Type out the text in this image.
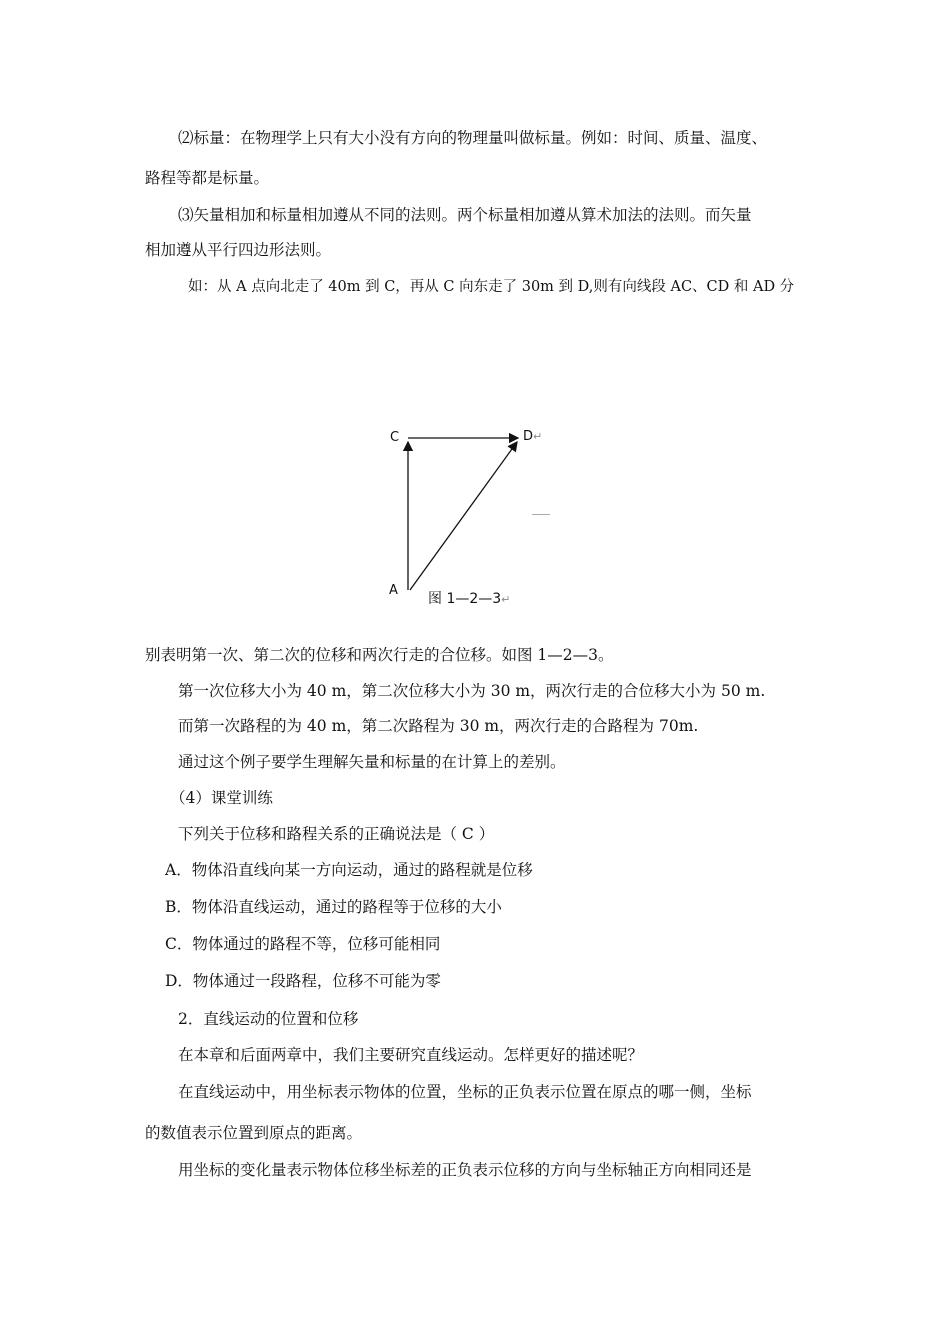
⑵标量：在物理学上只有大小没有方向的物理量叫做标量。例如：时间、质量、温度、
路程等都是标量。
⑶矢量相加和标量相加遵从不同的法则。两个标量相加遵从算术加法的法则。而矢量
相加遵从平行四边形法则。
如：从 A 点向北走了 40m 到 C，再从 C 向东走了 30m 到 D,则有向线段 AC、CD 和 AD 分
C	D↵
A
图 1—2—3↵
别表明第一次、第二次的位移和两次行走的合位移。如图 1—2—3。
第一次位移大小为 40 m，第二次位移大小为 30 m，两次行走的合位移大小为 50 m.
而第一次路程的为 40 m，第二次路程为 30 m，两次行走的合路程为 70m.
通过这个例子要学生理解矢量和标量的在计算上的差别。
（4）课堂训练
下列关于位移和路程关系的正确说法是（ C ）
A．物体沿直线向某一方向运动，通过的路程就是位移
B．物体沿直线运动，通过的路程等于位移的大小
C．物体通过的路程不等，位移可能相同
D．物体通过一段路程，位移不可能为零
2．直线运动的位置和位移
在本章和后面两章中，我们主要研究直线运动。怎样更好的描述呢？
在直线运动中，用坐标表示物体的位置，坐标的正负表示位置在原点的哪一侧，坐标
的数值表示位置到原点的距离。
用坐标的变化量表示物体位移坐标差的正负表示位移的方向与坐标轴正方向相同还是
